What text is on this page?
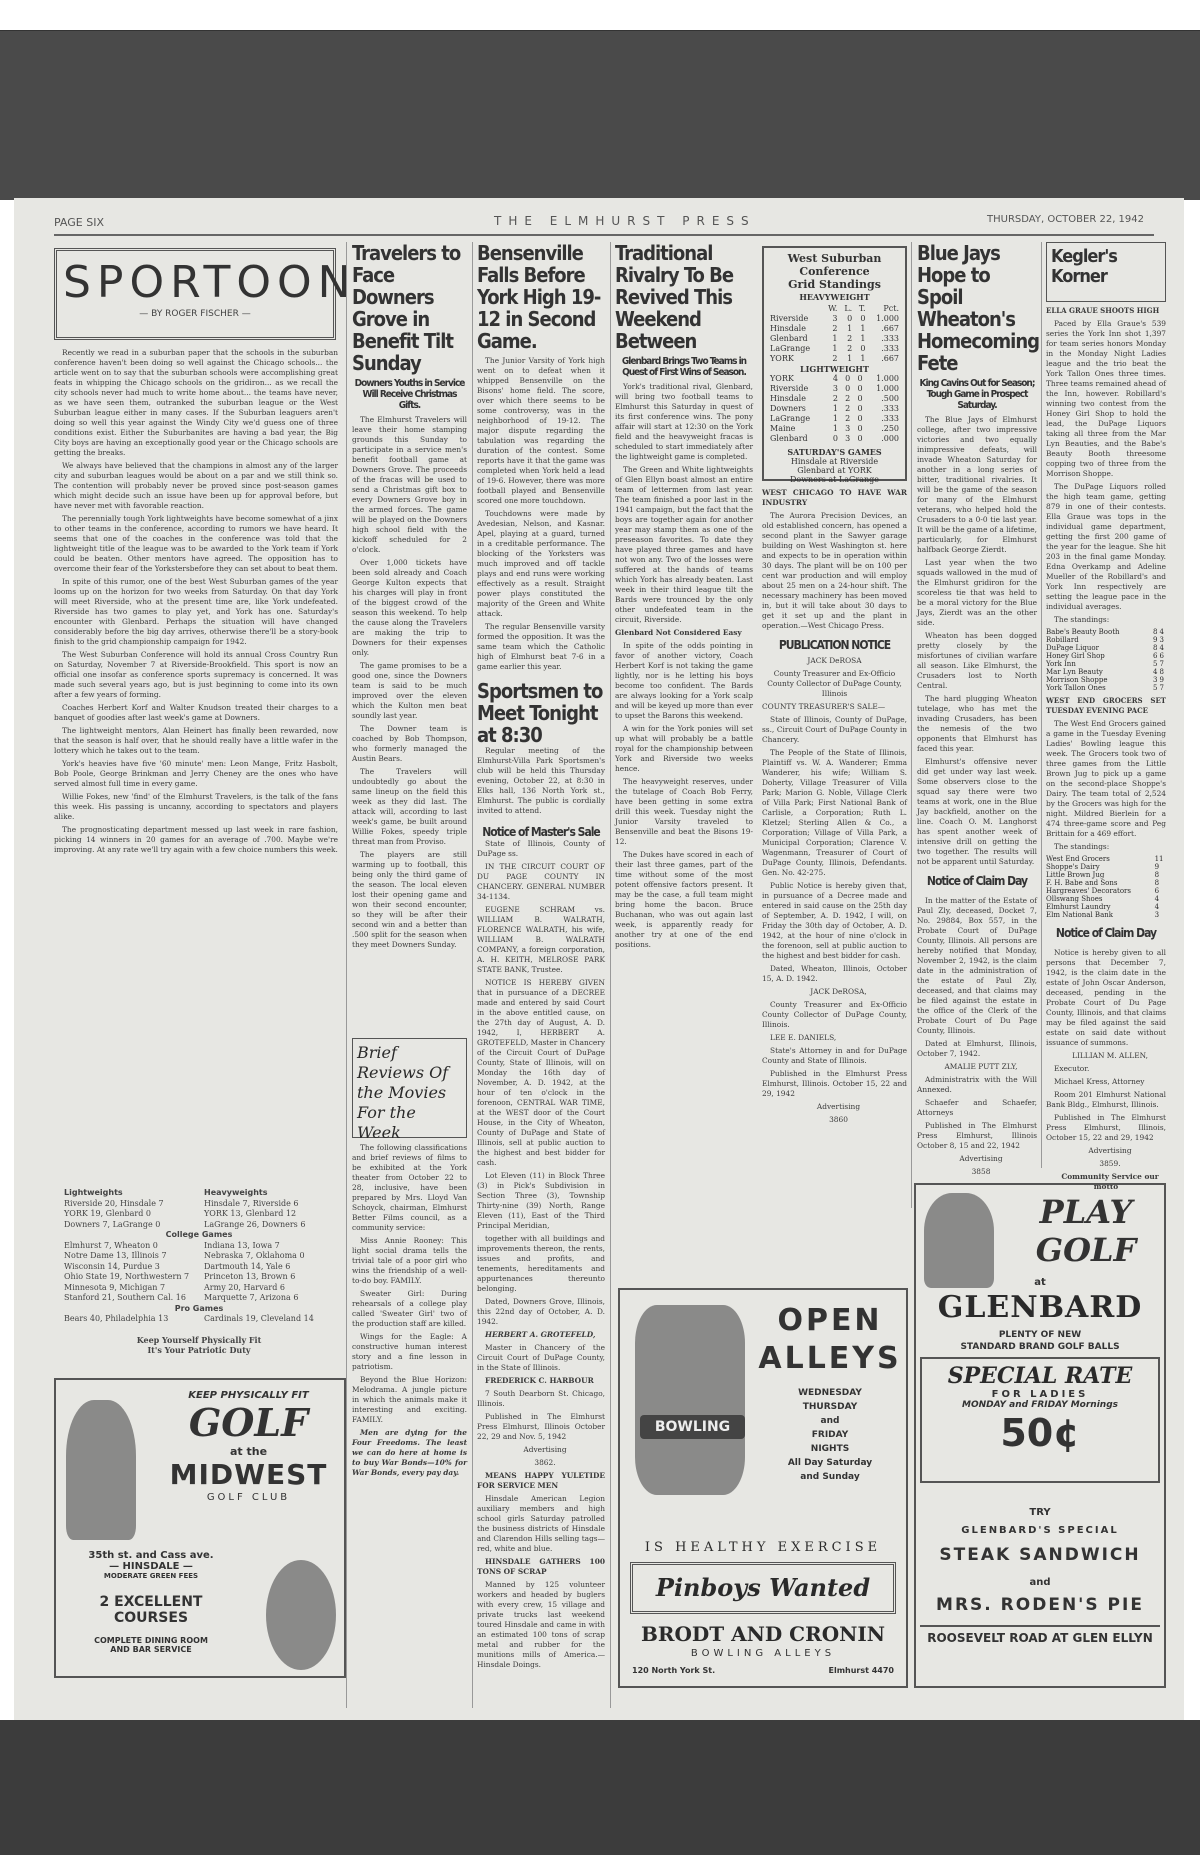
PAGE SIX	THE ELMHURST PRESS	THURSDAY, OCTOBER 22, 1942
SPORTOON
— BY ROGER FISCHER —

Recently we read in a suburban paper that the schools in the suburban conference haven't been doing so well against the Chicago schools... the article went on to say that the suburban schools were accomplishing great feats in whipping the Chicago schools on the gridiron... as we recall the city schools never had much to write home about... the teams have never, as we have seen them, outranked the suburban league or the West Suburban league either in many cases. If the Suburban leaguers aren't doing so well this year against the Windy City we'd guess one of three conditions exist. Either the Suburbanites are having a bad year, the Big City boys are having an exceptionally good year or the Chicago schools are getting the breaks.

We always have believed that the champions in almost any of the larger city and suburban leagues would be about on a par and we still think so. The contention will probably never be proved since post-season games which might decide such an issue have been up for approval before, but have never met with favorable reaction.

The perennially tough York lightweights have become somewhat of a jinx to other teams in the conference, according to rumors we have heard. It seems that one of the coaches in the conference was told that the lightweight title of the league was to be awarded to the York team if York could be beaten. Other mentors have agreed. The opposition has to overcome their fear of the Yorkstersbefore they can set about to beat them.

In spite of this rumor, one of the best West Suburban games of the year looms up on the horizon for two weeks from Saturday. On that day York will meet Riverside, who at the present time are, like York undefeated. Riverside has two games to play yet, and York has one. Saturday's encounter with Glenbard. Perhaps the situation will have changed considerably before the big day arrives, otherwise there'll be a story-book finish to the grid championship campaign for 1942.

The West Suburban Conference will hold its annual Cross Country Run on Saturday, November 7 at Riverside-Brookfield. This sport is now an official one insofar as conference sports supremacy is concerned. It was made such several years ago, but is just beginning to come into its own after a few years of forming.

Coaches Herbert Korf and Walter Knudson treated their charges to a banquet of goodies after last week's game at Downers.

The lightweight mentors, Alan Heinert has finally been rewarded, now that the season is half over, that he should really have a little wafer in the lottery which he takes out to the team.

York's heavies have five '60 minute' men: Leon Mange, Fritz Hasbolt, Bob Poole, George Brinkman and Jerry Cheney are the ones who have served almost full time in every game.

Willie Fokes, new 'find' of the Elmhurst Travelers, is the talk of the fans this week. His passing is uncanny, according to spectators and players alike.

The prognosticating department messed up last week in rare fashion, picking 14 winners in 20 games for an average of .700. Maybe we're improving. At any rate we'll try again with a few choice numbers this week.

Lightweights	Heavyweights
Riverside 20, Hinsdale 7	Hinsdale 7, Riverside 6
YORK 19, Glenbard 0	YORK 13, Glenbard 12
Downers 7, LaGrange 0	LaGrange 26, Downers 6
College Games
Elmhurst 7, Wheaton 0	Indiana 13, Iowa 7
Notre Dame 13, Illinois 7	Nebraska 7, Oklahoma 0
Wisconsin 14, Purdue 3	Dartmouth 14, Yale 6
Ohio State 19, Northwestern 7	Princeton 13, Brown 6
Minnesota 9, Michigan 7	Army 20, Harvard 6
Stanford 21, Southern Cal. 16	Marquette 7, Arizona 6
Pro Games
Bears 40, Philadelphia 13	Cardinals 19, Cleveland 14
Keep Yourself Physically Fit
It's Your Patriotic Duty
KEEP PHYSICALLY FIT
GOLF
at the
MIDWEST
GOLF CLUB
35th st. and Cass ave.
— HINSDALE —
MODERATE GREEN FEES
2 EXCELLENT COURSES
COMPLETE DINING ROOM
AND BAR SERVICE
Travelers to Face Downers Grove in Benefit Tilt Sunday
Downers Youths in Service Will Receive Christmas Gifts.

The Elmhurst Travelers will leave their home stamping grounds this Sunday to participate in a service men's benefit football game at Downers Grove. The proceeds of the fracas will be used to send a Christmas gift box to every Downers Grove boy in the armed forces. The game will be played on the Downers high school field with the kickoff scheduled for 2 o'clock.

Over 1,000 tickets have been sold already and Coach George Kulton expects that his charges will play in front of the biggest crowd of the season this weekend. To help the cause along the Travelers are making the trip to Downers for their expenses only.

The game promises to be a good one, since the Downers team is said to be much improved over the eleven which the Kulton men beat soundly last year.

The Downer team is coached by Bob Thompson, who formerly managed the Austin Bears.

The Travelers will undoubtedly go about the same lineup on the field this week as they did last. The attack will, according to last week's game, be built around Willie Fokes, speedy triple threat man from Proviso.

The players are still warming up to football, this being only the third game of the season. The local eleven lost their opening game and won their second encounter, so they will be after their second win and a better than .500 split for the season when they meet Downers Sunday.

Brief Reviews Of the Movies For the Week

The following classifications and brief reviews of films to be exhibited at the York theater from October 22 to 28, inclusive, have been prepared by Mrs. Lloyd Van Schoyck, chairman, Elmhurst Better Films council, as a community service:

Miss Annie Rooney: This light social drama tells the trivial tale of a poor girl who wins the friendship of a well-to-do boy. FAMILY.

Sweater Girl: During rehearsals of a college play called 'Sweater Girl' two of the production staff are killed.

Wings for the Eagle: A constructive human interest story and a fine lesson in patriotism.

Beyond the Blue Horizon: Melodrama. A jungle picture in which the animals make it interesting and exciting. FAMILY.

Men are dying for the Four Freedoms. The least we can do here at home is to buy War Bonds—10% for War Bonds, every pay day.

Bensenville Falls Before York High 19-12 in Second Game.

The Junior Varsity of York high went on to defeat when it whipped Bensenville on the Bisons' home field. The score, over which there seems to be some controversy, was in the neighborhood of 19-12. The major dispute regarding the tabulation was regarding the duration of the contest. Some reports have it that the game was completed when York held a lead of 19-6. However, there was more football played and Bensenville scored one more touchdown.

Touchdowns were made by Avedesian, Nelson, and Kasnar. Apel, playing at a guard, turned in a creditable performance. The blocking of the Yorksters was much improved and off tackle plays and end runs were working effectively as a result. Straight power plays constituted the majority of the Green and White attack.

The regular Bensenville varsity formed the opposition. It was the same team which the Catholic high of Elmhurst beat 7-6 in a game earlier this year.

Sportsmen to Meet Tonight at 8:30

Regular meeting of the Elmhurst-Villa Park Sportsmen's club will be held this Thursday evening, October 22, at 8:30 in Elks hall, 136 North York st., Elmhurst. The public is cordially invited to attend.

Notice of Master's Sale

State of Illinois, County of DuPage ss.

IN THE CIRCUIT COURT OF DU PAGE COUNTY IN CHANCERY. GENERAL NUMBER 34-1134.

EUGENE SCHRAM vs. WILLIAM B. WALRATH, FLORENCE WALRATH, his wife, WILLIAM B. WALRATH COMPANY, a foreign corporation, A. H. KEITH, MELROSE PARK STATE BANK, Trustee.

NOTICE IS HEREBY GIVEN that in pursuance of a DECREE made and entered by said Court in the above entitled cause, on the 27th day of August, A. D. 1942, I, HERBERT A. GROTEFELD, Master in Chancery of the Circuit Court of DuPage County, State of Illinois, will on Monday the 16th day of November, A. D. 1942, at the hour of ten o'clock in the forenoon, CENTRAL WAR TIME, at the WEST door of the Court House, in the City of Wheaton, County of DuPage and State of Illinois, sell at public auction to the highest and best bidder for cash.

Lot Eleven (11) in Block Three (3) in Pick's Subdivision in Section Three (3), Township Thirty-nine (39) North, Range Eleven (11), East of the Third Principal Meridian,

together with all buildings and improvements thereon, the rents, issues and profits, and tenements, hereditaments and appurtenances thereunto belonging.

Dated, Downers Grove, Illinois, this 22nd day of October, A. D. 1942.

HERBERT A. GROTEFELD,

Master in Chancery of the Circuit Court of DuPage County, in the State of Illinois.

FREDERICK C. HARBOUR

7 South Dearborn St. Chicago, Illinois.

Published in The Elmhurst Press Elmhurst, Illinois October 22, 29 and Nov. 5, 1942

Advertising

3862.

MEANS HAPPY YULETIDE FOR SERVICE MEN

Hinsdale American Legion auxiliary members and high school girls Saturday patrolled the business districts of Hinsdale and Clarendon Hills selling tags—red, white and blue.

HINSDALE GATHERS 100 TONS OF SCRAP

Manned by 125 volunteer workers and headed by buglers with every crew, 15 village and private trucks last weekend toured Hinsdale and came in with an estimated 100 tons of scrap metal and rubber for the munitions mills of America.—Hinsdale Doings.

Traditional Rivalry To Be Revived This Weekend Between
Glenbard Brings Two Teams in Quest of First Wins of Season.

York's traditional rival, Glenbard, will bring two football teams to Elmhurst this Saturday in quest of its first conference wins. The pony affair will start at 12:30 on the York field and the heavyweight fracas is scheduled to start immediately after the lightweight game is completed.

The Green and White lightweights of Glen Ellyn boast almost an entire team of lettermen from last year. The team finished a poor last in the 1941 campaign, but the fact that the boys are together again for another year may stamp them as one of the preseason favorites. To date they have played three games and have not won any. Two of the losses were suffered at the hands of teams which York has already beaten. Last week in their third league tilt the Bards were trounced by the only other undefeated team in the circuit, Riverside.

Glenbard Not Considered Easy

In spite of the odds pointing in favor of another victory, Coach Herbert Korf is not taking the game lightly, nor is he letting his boys become too confident. The Bards are always looking for a York scalp and will be keyed up more than ever to upset the Barons this weekend.

A win for the York ponies will set up what will probably be a battle royal for the championship between York and Riverside two weeks hence.

The heavyweight reserves, under the tutelage of Coach Bob Ferry, have been getting in some extra drill this week. Tuesday night the Junior Varsity traveled to Bensenville and beat the Bisons 19-12.

The Dukes have scored in each of their last three games, part of the time without some of the most potent offensive factors present. It may be the case, a full team might bring home the bacon. Bruce Buchanan, who was out again last week, is apparently ready for another try at one of the end positions.

West Suburban
Conference
Grid Standings
HEAVYWEIGHT
	W.	L.	T.	Pct.
Riverside	3	0	0	1.000
Hinsdale	2	1	1	.667
Glenbard	1	2	1	.333
LaGrange	1	2	0	.333
YORK	2	1	1	.667
LIGHTWEIGHT
YORK	4	0	0	1.000
Riverside	3	0	0	1.000
Hinsdale	2	2	0	.500
Downers	1	2	0	.333
LaGrange	1	2	0	.333
Maine	1	3	0	.250
Glenbard	0	3	0	.000
SATURDAY'S GAMES
Hinsdale at Riverside
Glenbard at YORK
Downers at LaGrange

WEST CHICAGO TO HAVE WAR INDUSTRY

The Aurora Precision Devices, an old established concern, has opened a second plant in the Sawyer garage building on West Washington st. here and expects to be in operation within 30 days. The plant will be on 100 per cent war production and will employ about 25 men on a 24-hour shift. The necessary machinery has been moved in, but it will take about 30 days to get it set up and the plant in operation.—West Chicago Press.

PUBLICATION NOTICE

JACK DeROSA

County Treasurer and Ex-Officio County Collector of DuPage County, Illinois

COUNTY TREASURER'S SALE—

State of Illinois, County of DuPage, ss., Circuit Court of DuPage County in Chancery.

The People of the State of Illinois, Plaintiff vs. W. A. Wanderer; Emma Wanderer, his wife; William S. Doherty, Village Treasurer of Villa Park; Marion G. Noble, Village Clerk of Villa Park; First National Bank of Carlisle, a Corporation; Ruth L. Kletzel; Sterling Allen & Co., a Corporation; Village of Villa Park, a Municipal Corporation; Clarence V. Wagenmann, Treasurer of Court of DuPage County, Illinois, Defendants. Gen. No. 42-275.

Public Notice is hereby given that, in pursuance of a Decree made and entered in said cause on the 25th day of September, A. D. 1942, I will, on Friday the 30th day of October, A. D. 1942, at the hour of nine o'clock in the forenoon, sell at public auction to the highest and best bidder for cash.

Dated, Wheaton, Illinois, October 15, A. D. 1942.

JACK DeROSA,

County Treasurer and Ex-Officio County Collector of DuPage County, Illinois.

LEE E. DANIELS,

State's Attorney in and for DuPage County and State of Illinois.

Published in the Elmhurst Press Elmhurst, Illinois. October 15, 22 and 29, 1942

Advertising

3860

Blue Jays Hope to Spoil Wheaton's Homecoming Fete
King Cavins Out for Season; Tough Game in Prospect Saturday.

The Blue Jays of Elmhurst college, after two impressive victories and two equally inimpressive defeats, will invade Wheaton Saturday for another in a long series of bitter, traditional rivalries. It will be the game of the season for many of the Elmhurst veterans, who helped hold the Crusaders to a 0-0 tie last year. It will be the game of a lifetime, particularly, for Elmhurst halfback George Zierdt.

Last year when the two squads wallowed in the mud of the Elmhurst gridiron for the scoreless tie that was held to be a moral victory for the Blue Jays, Zierdt was an the other side.

Wheaton has been dogged pretty closely by the misfortunes of civilian warfare all season. Like Elmhurst, the Crusaders lost to North Central.

The hard plugging Wheaton tutelage, who has met the invading Crusaders, has been the nemesis of the two opponents that Elmhurst has faced this year.

Elmhurst's offensive never did get under way last week. Some observers close to the squad say there were two teams at work, one in the Blue Jay backfield, another on the line. Coach O. M. Langhorst has spent another week of intensive drill on getting the two together. The results will not be apparent until Saturday.

Notice of Claim Day

In the matter of the Estate of Paul Zly, deceased, Docket 7, No. 29884, Box 557, in the Probate Court of DuPage County, Illinois. All persons are hereby notified that Monday, November 2, 1942, is the claim date in the administration of the estate of Paul Zly, deceased, and that claims may be filed against the estate in the office of the Clerk of the Probate Court of Du Page County, Illinois.

Dated at Elmhurst, Illinois, October 7, 1942.

AMALIE PUTT ZLY,

Administratrix with the Will Annexed.

Schaefer and Schaefer, Attorneys

Published in The Elmhurst Press Elmhurst, Illinois October 8, 15 and 22, 1942

Advertising

3858

Kegler's Korner

ELLA GRAUE SHOOTS HIGH

Paced by Ella Graue's 539 series the York Inn shot 1,397 for team series honors Monday in the Monday Night Ladies league and the trio beat the York Tallon Ones three times. Three teams remained ahead of the Inn, however. Robillard's winning two contest from the Honey Girl Shop to hold the lead, the DuPage Liquors taking all three from the Mar Lyn Beauties, and the Babe's Beauty Booth threesome copping two of three from the Morrison Shoppe.

The DuPage Liquors rolled the high team game, getting 879 in one of their contests. Ella Graue was tops in the individual game department, getting the first 200 game of the year for the league. She hit 203 in the final game Monday. Edna Overkamp and Adeline Mueller of the Robillard's and York Inn respectively are setting the league pace in the individual averages.

The standings:

Babe's Beauty Booth	8	4
Robillard	9	3
DuPage Liquor	8	4
Honey Girl Shop	6	6
York Inn	5	7
Mar Lyn Beauty	4	8
Morrison Shoppe	3	9
York Tallon Ones	5	7

WEST END GROCERS SET TUESDAY EVENING PACE

The West End Grocers gained a game in the Tuesday Evening Ladies' Bowling league this week. The Grocers took two of three games from the Little Brown Jug to pick up a game on the second-place Shoppe's Dairy. The team total of 2,524 by the Grocers was high for the night. Mildred Bierlein for a 474 three-game score and Peg Brittain for a 469 effort.

The standings:

West End Grocers	11
Shoppe's Dairy	9
Little Brown Jug	8
F. H. Babe and Sons	8
Hargreaves' Decorators	6
Ollswang Shoes	4
Elmhurst Laundry	4
Elm National Bank	3
Notice of Claim Day

Notice is hereby given to all persons that December 7, 1942, is the claim date in the estate of John Oscar Anderson, deceased, pending in the Probate Court of Du Page County, Illinois, and that claims may be filed against the said estate on said date without issuance of summons.

LILLIAN M. ALLEN,

Executor.

Michael Kress, Attorney

Room 201 Elmhurst National Bank Bldg., Elmhurst, Illinois.

Published in The Elmhurst Press Elmhurst, Illinois, October 15, 22 and 29, 1942

Advertising

3859.

Community Service our motto

BOWLING
OPEN
ALLEYS
WEDNESDAY
THURSDAY
and
FRIDAY
NIGHTS
All Day Saturday
and Sunday
IS HEALTHY EXERCISE
Pinboys Wanted
BRODT AND CRONIN
BOWLING ALLEYS
120 North York St.	Elmhurst 4470
PLAY
GOLF
at
GLENBARD
PLENTY OF NEW
STANDARD BRAND GOLF BALLS
SPECIAL RATE
FOR LADIES
MONDAY and FRIDAY Mornings
50¢
TRY
GLENBARD'S SPECIAL
STEAK SANDWICH
and
MRS. RODEN'S PIE
ROOSEVELT ROAD AT GLEN ELLYN
